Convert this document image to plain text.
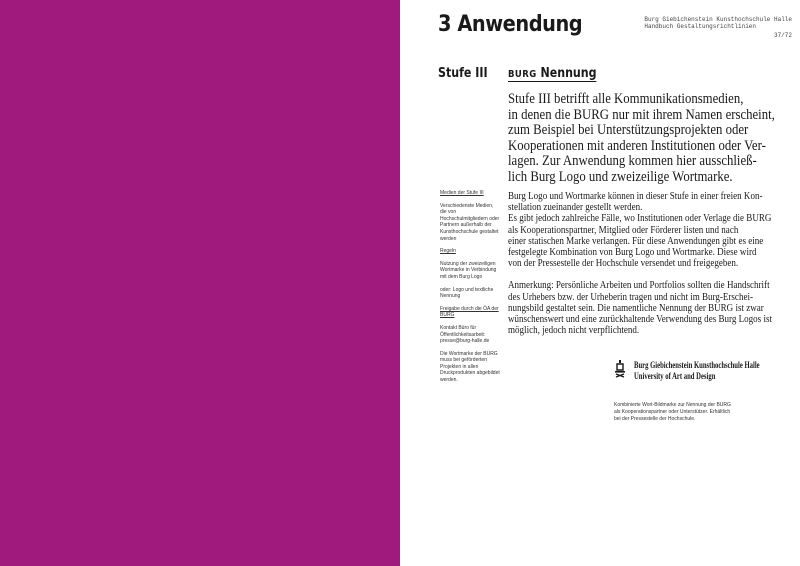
3 Anwendung	Burg Giebichenstein Kunsthochschule Halle
Handbuch Gestaltungsrichtlinien
37/72
Stufe III BURG Nennung
Stufe III betrifft alle Kommunikationsmedien,
in denen die BURG nur mit ihrem Namen erscheint,
zum Beispiel bei Unterstützungsprojekten oder
Kooperationen mit anderen Institutionen oder Ver-
lagen. Zur Anwendung kommen hier ausschließ-
lich Burg Logo und zweizeilige Wortmarke.

Burg Logo und Wortmarke können in dieser Stufe in einer freien Kon-
stellation zueinander gestellt werden.
Es gibt jedoch zahlreiche Fälle, wo Institutionen oder Verlage die BURG
als Kooperationspartner, Mitglied oder Förderer listen und nach
einer statischen Marke verlangen. Für diese Anwendungen gibt es eine
festgelegte Kombination von Burg Logo und Wortmarke. Diese wird
von der Pressestelle der Hochschule versendet und freigegeben.

Anmerkung: Persönliche Arbeiten und Portfolios sollten die Handschrift
des Urhebers bzw. der Urheberin tragen und nicht im Burg-Erschei-
nungsbild gestaltet sein. Die namentliche Nennung der BURG ist zwar
wünschenswert und eine zurückhaltende Verwendung des Burg Logos ist
möglich, jedoch nicht verpflichtend.

Medien der Stufe III
Verschiedenste Medien, die von Hochschulmitgliedern oder Partnern außerhalb der Kunsthochschule gestaltet werden
Regeln
Nutzung der zweizeiligen Wortmarke in Verbindung mit dem Burg Logo
oder: Logo und textliche Nennung
Freigabe durch die ÖA der BURG
Kontakt Büro für Öffentlichkeitsarbeit: presse@burg-halle.de
Die Wortmarke der BURG muss bei geförderten Projekten in allen Druckprodukten abgebildet werden.
Burg Giebichenstein Kunsthochschule Halle
University of Art and Design
Kombinierte Wort-Bildmarke zur Nennung der BURG als Kooperationspartner oder Unterstützer. Erhältlich bei der Pressestelle der Hochschule.
